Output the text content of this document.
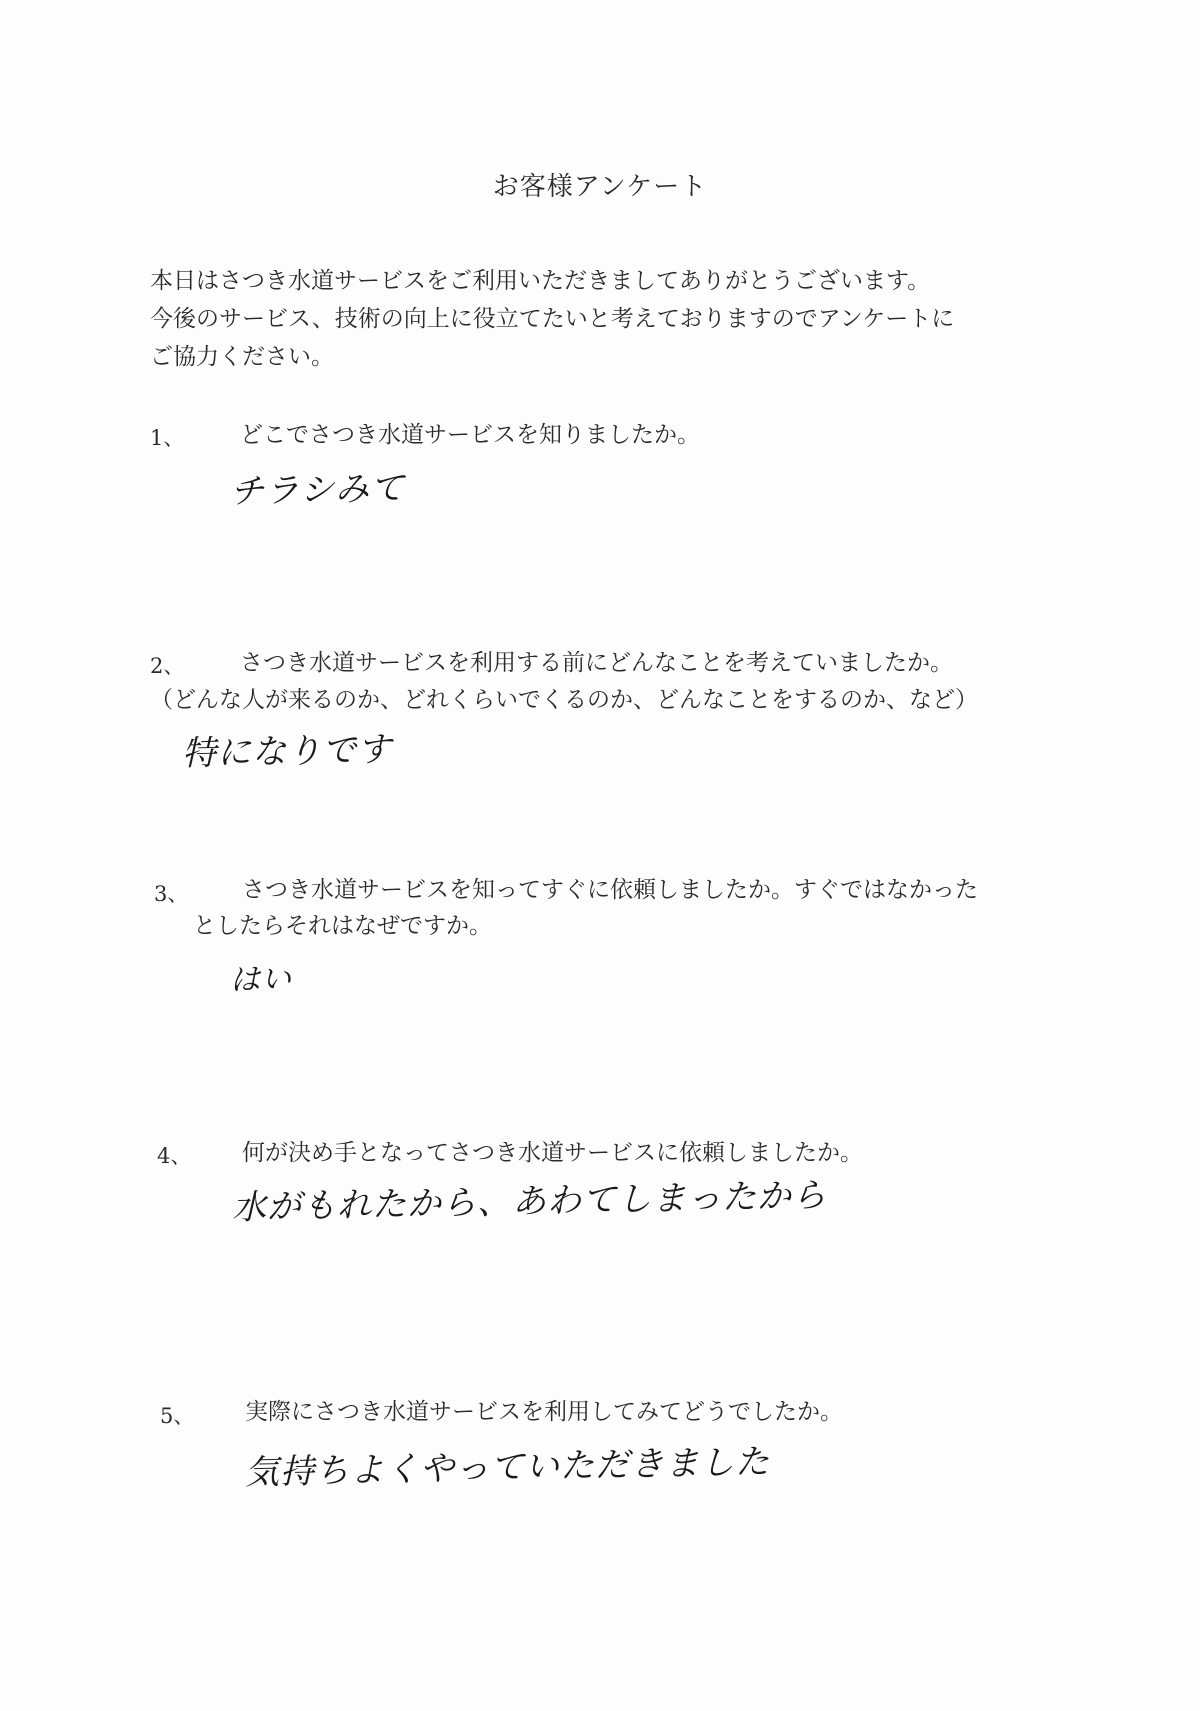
お客様アンケート
本日はさつき水道サービスをご利用いただきましてありがとうございます。
今後のサービス、技術の向上に役立てたいと考えておりますのでアンケートに
ご協力ください。
1、 どこでさつき水道サービスを知りましたか。
チラシみて
2、 さつき水道サービスを利用する前にどんなことを考えていましたか。
（どんな人が来るのか、どれくらいでくるのか、どんなことをするのか、など）
特になりです
3、 さつき水道サービスを知ってすぐに依頼しましたか。すぐではなかった
としたらそれはなぜですか。
はい
4、 何が決め手となってさつき水道サービスに依頼しましたか。
水がもれたから、あわてしまったから
5、 実際にさつき水道サービスを利用してみてどうでしたか。
気持ちよくやっていただきました
